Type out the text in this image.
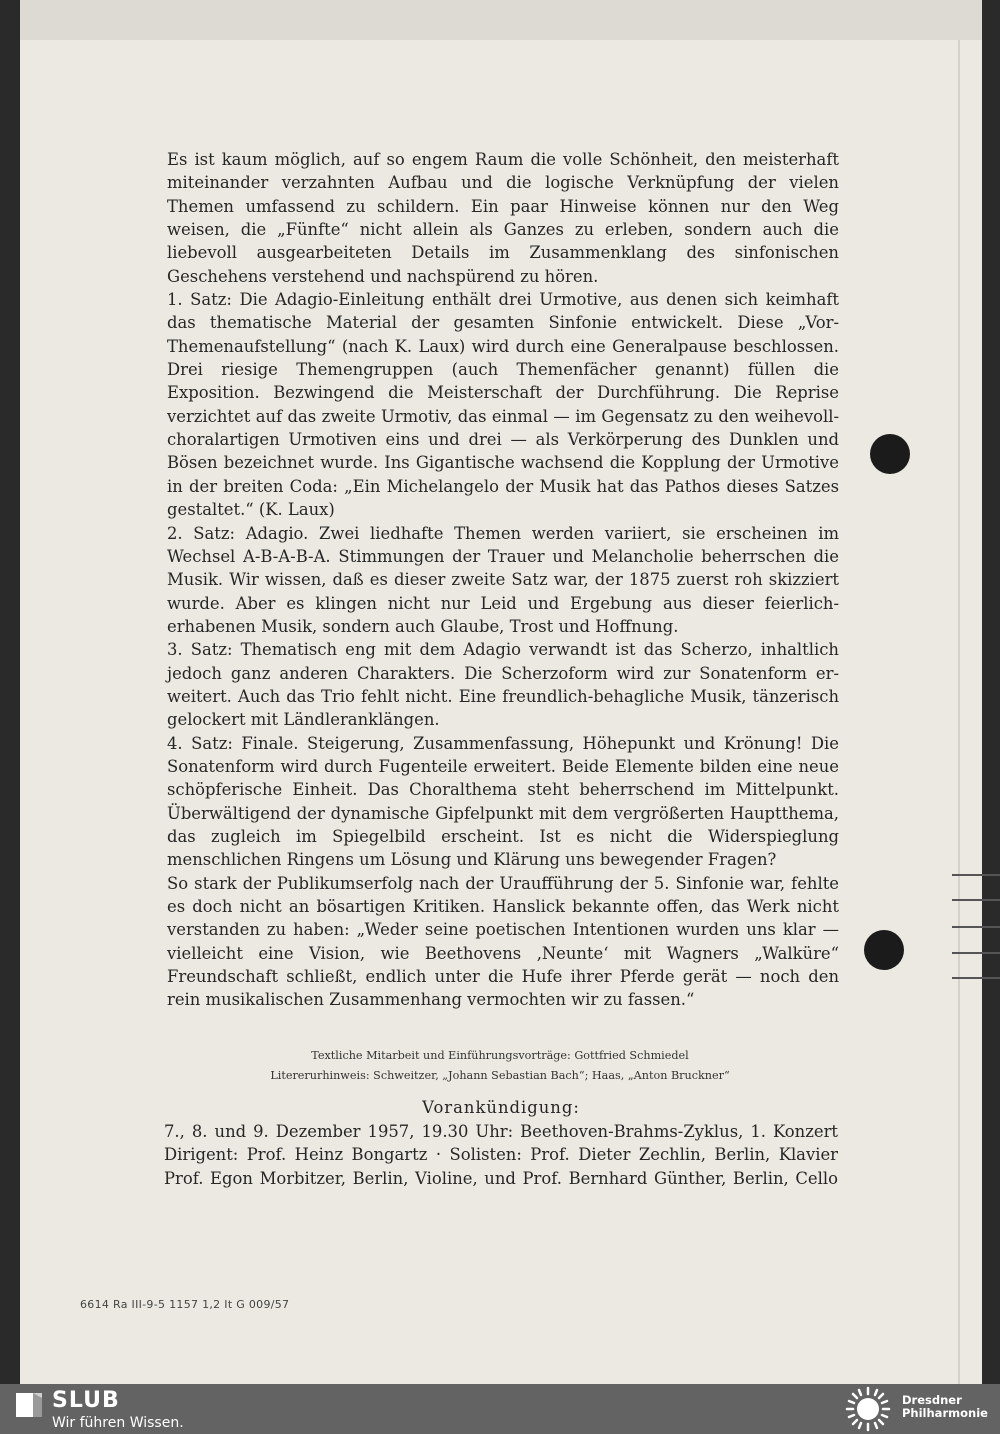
Es ist kaum möglich, auf so engem Raum die volle Schönheit, den meisterhaft miteinander verzahnten Aufbau und die logische Verknüpfung der vielen Themen umfassend zu schildern. Ein paar Hinweise können nur den Weg weisen, die „Fünfte“ nicht allein als Ganzes zu erleben, sondern auch die liebevoll ausgearbeiteten Details im Zusammenklang des sinfonischen Geschehens verstehend und nachspürend zu hören.

1. Satz: Die Adagio-Einleitung enthält drei Urmotive, aus denen sich keimhaft das thematische Material der gesamten Sinfonie entwickelt. Diese „Vor-Themenaufstellung“ (nach K. Laux) wird durch eine Generalpause beschlossen. Drei riesige Themengruppen (auch Themenfächer genannt) füllen die Exposition. Bezwingend die Meisterschaft der Durchführung. Die Reprise verzichtet auf das zweite Urmotiv, das einmal — im Gegensatz zu den weihevoll-choralartigen Urmotiven eins und drei — als Verkörperung des Dunklen und Bösen bezeichnet wurde. Ins Gigantische wachsend die Kopplung der Urmotive in der breiten Coda: „Ein Michelangelo der Musik hat das Pathos dieses Satzes gestaltet.“ (K. Laux)

2. Satz: Adagio. Zwei liedhafte Themen werden variiert, sie erscheinen im Wechsel A-B-A-B-A. Stimmungen der Trauer und Melancholie beherrschen die Musik. Wir wissen, daß es dieser zweite Satz war, der 1875 zuerst roh skizziert wurde. Aber es klingen nicht nur Leid und Ergebung aus dieser feierlich-erhabenen Musik, sondern auch Glaube, Trost und Hoffnung.

3. Satz: Thematisch eng mit dem Adagio verwandt ist das Scherzo, inhaltlich jedoch ganz anderen Charakters. Die Scherzoform wird zur Sonatenform erweitert. Auch das Trio fehlt nicht. Eine freundlich-behagliche Musik, tänzerisch gelockert mit Ländleranklängen.

4. Satz: Finale. Steigerung, Zusammenfassung, Höhepunkt und Krönung! Die Sonatenform wird durch Fugenteile erweitert. Beide Elemente bilden eine neue schöpferische Einheit. Das Choralthema steht beherrschend im Mittelpunkt. Überwältigend der dynamische Gipfelpunkt mit dem vergrößerten Hauptthema, das zugleich im Spiegelbild erscheint. Ist es nicht die Widerspieglung menschlichen Ringens um Lösung und Klärung uns bewegender Fragen?

So stark der Publikumserfolg nach der Uraufführung der 5. Sinfonie war, fehlte es doch nicht an bösartigen Kritiken. Hanslick bekannte offen, das Werk nicht verstanden zu haben: „Weder seine poetischen Intentionen wurden uns klar — vielleicht eine Vision, wie Beethovens ‚Neunte‘ mit Wagners „Walküre“ Freundschaft schließt, endlich unter die Hufe ihrer Pferde gerät — noch den rein musikalischen Zusammenhang vermochten wir zu fassen.“

Textliche Mitarbeit und Einführungsvorträge: Gottfried Schmiedel

Litererurhinweis: Schweitzer, „Johann Sebastian Bach“; Haas, „Anton Bruckner“

Vorankündigung:

7., 8. und 9. Dezember 1957, 19.30 Uhr: Beethoven-Brahms-Zyklus, 1. Konzert

Dirigent: Prof. Heinz Bongartz · Solisten: Prof. Dieter Zechlin, Berlin, Klavier

Prof. Egon Morbitzer, Berlin, Violine, und Prof. Bernhard Günther, Berlin, Cello

6614 Ra III-9-5 1157 1,2 It G 009/57
SLUB
Wir führen Wissen.
Dresdner
Philharmonie
